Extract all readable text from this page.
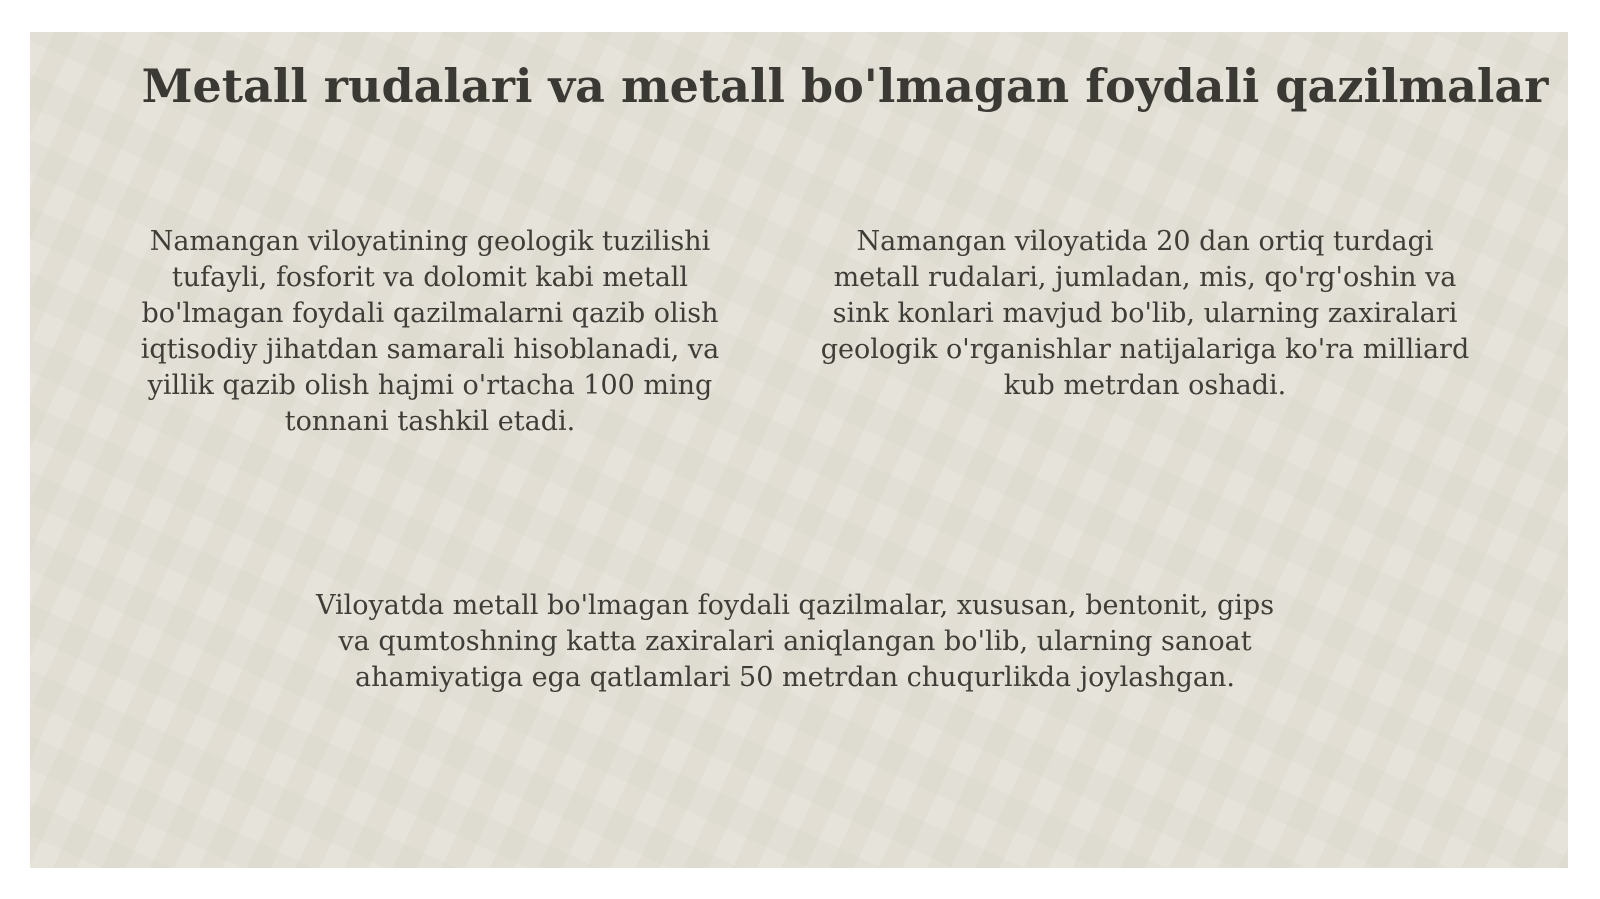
Metall rudalari va metall bo'lmagan foydali qazilmalar

Namangan viloyatining geologik tuzilishi
tufayli, fosforit va dolomit kabi metall
bo'lmagan foydali qazilmalarni qazib olish
iqtisodiy jihatdan samarali hisoblanadi, va
yillik qazib olish hajmi o'rtacha 100 ming
tonnani tashkil etadi.

Namangan viloyatida 20 dan ortiq turdagi
metall rudalari, jumladan, mis, qo'rg'oshin va
sink konlari mavjud bo'lib, ularning zaxiralari
geologik o'rganishlar natijalariga ko'ra milliard
kub metrdan oshadi.

Viloyatda metall bo'lmagan foydali qazilmalar, xususan, bentonit, gips
va qumtoshning katta zaxiralari aniqlangan bo'lib, ularning sanoat
ahamiyatiga ega qatlamlari 50 metrdan chuqurlikda joylashgan.
